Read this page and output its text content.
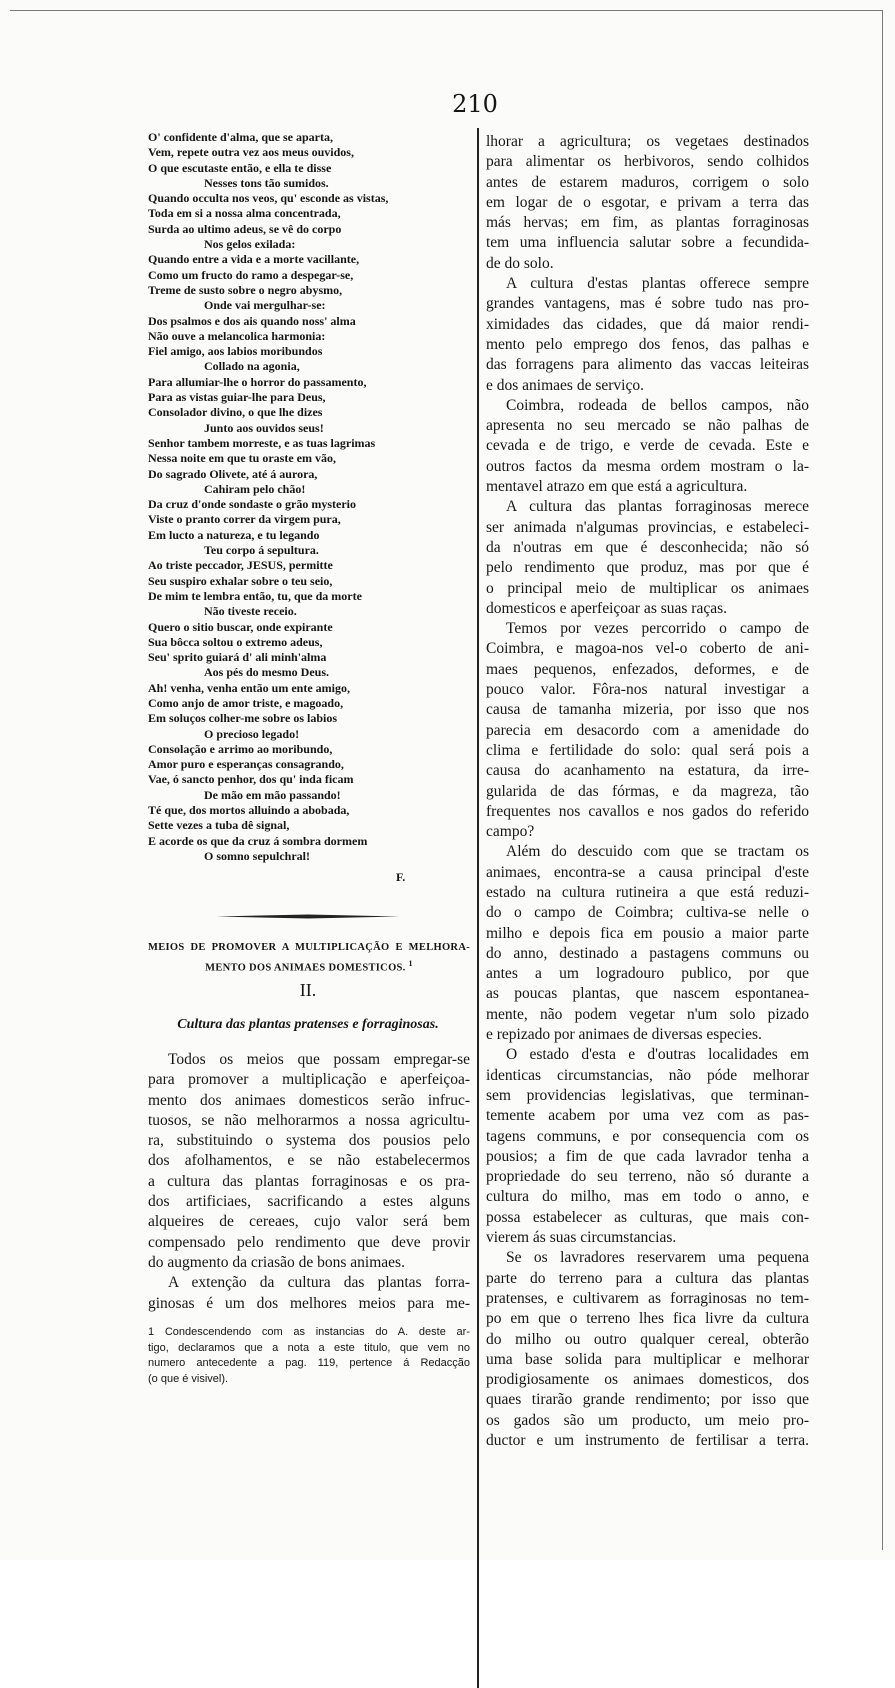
210
O' confidente d'alma, que se aparta,
Vem, repete outra vez aos meus ouvidos,
O que escutaste então, e ella te disse
Nesses tons tão sumidos.
Quando occulta nos veos, qu' esconde as vistas,
Toda em si a nossa alma concentrada,
Surda ao ultimo adeus, se vê do corpo
Nos gelos exilada:
Quando entre a vida e a morte vacillante,
Como um fructo do ramo a despegar-se,
Treme de susto sobre o negro abysmo,
Onde vai mergulhar-se:
Dos psalmos e dos ais quando noss' alma
Não ouve a melancolica harmonia:
Fiel amigo, aos labios moribundos
Collado na agonia,
Para allumiar-lhe o horror do passamento,
Para as vistas guiar-lhe para Deus,
Consolador divino, o que lhe dizes
Junto aos ouvidos seus!
Senhor tambem morreste, e as tuas lagrimas
Nessa noite em que tu oraste em vão,
Do sagrado Olivete, até á aurora,
Cahiram pelo chão!
Da cruz d'onde sondaste o grão mysterio
Viste o pranto correr da virgem pura,
Em lucto a natureza, e tu legando
Teu corpo á sepultura.
Ao triste peccador, JESUS, permitte
Seu suspiro exhalar sobre o teu seio,
De mim te lembra então, tu, que da morte
Não tiveste receio.
Quero o sitio buscar, onde expirante
Sua bôcca soltou o extremo adeus,
Seu' sprito guiará d' ali minh'alma
Aos pés do mesmo Deus.
Ah! venha, venha então um ente amigo,
Como anjo de amor triste, e magoado,
Em soluços colher-me sobre os labios
O precioso legado!
Consolação e arrimo ao moribundo,
Amor puro e esperanças consagrando,
Vae, ó sancto penhor, dos qu' inda ficam
De mão em mão passando!
Té que, dos mortos alluindo a abobada,
Sette vezes a tuba dê signal,
E acorde os que da cruz á sombra dormem
O somno sepulchral!
F.
MEIOS DE PROMOVER A MULTIPLICAÇÃO E MELHORA-
MENTO DOS ANIMAES DOMESTICOS. $^1$
II.
Cultura das plantas pratenses e forraginosas.
Todos os meios que possam empregar-se
para promover a multiplicação e aperfeiçoa-
mento dos animaes domesticos serão infruc-
tuosos, se não melhorarmos a nossa agricultu-
ra, substituindo o systema dos pousios pelo
dos afolhamentos, e se não estabelecermos
a cultura das plantas forraginosas e os pra-
dos artificiaes, sacrificando a estes alguns
alqueires de cereaes, cujo valor será bem
compensado pelo rendimento que deve provir
do augmento da criasão de bons animaes.
A extenção da cultura das plantas forra-
ginosas é um dos melhores meios para me-
1 Condescendendo com as instancias do A. deste ar-
tigo, declaramos que a nota a este titulo, que vem no
numero antecedente a pag. 119, pertence á Redacção
(o que é visivel).
lhorar a agricultura; os vegetaes destinados
para alimentar os herbivoros, sendo colhidos
antes de estarem maduros, corrigem o solo
em logar de o esgotar, e privam a terra das
más hervas; em fim, as plantas forraginosas
tem uma influencia salutar sobre a fecundida-
de do solo.
A cultura d'estas plantas offerece sempre
grandes vantagens, mas é sobre tudo nas pro-
ximidades das cidades, que dá maior rendi-
mento pelo emprego dos fenos, das palhas e
das forragens para alimento das vaccas leiteiras
e dos animaes de serviço.
Coimbra, rodeada de bellos campos, não
apresenta no seu mercado se não palhas de
cevada e de trigo, e verde de cevada. Este e
outros factos da mesma ordem mostram o la-
mentavel atrazo em que está a agricultura.
A cultura das plantas forraginosas merece
ser animada n'algumas provincias, e estabeleci-
da n'outras em que é desconhecida; não só
pelo rendimento que produz, mas por que é
o principal meio de multiplicar os animaes
domesticos e aperfeiçoar as suas raças.
Temos por vezes percorrido o campo de
Coimbra, e magoa-nos vel-o coberto de ani-
maes pequenos, enfezados, deformes, e de
pouco valor. Fôra-nos natural investigar a
causa de tamanha mizeria, por isso que nos
parecia em desacordo com a amenidade do
clima e fertilidade do solo: qual será pois a
causa do acanhamento na estatura, da irre-
gularida de das fórmas, e da magreza, tão
frequentes nos cavallos e nos gados do referido
campo?
Além do descuido com que se tractam os
animaes, encontra-se a causa principal d'este
estado na cultura rutineira a que está reduzi-
do o campo de Coimbra; cultiva-se nelle o
milho e depois fica em pousio a maior parte
do anno, destinado a pastagens communs ou
antes a um logradouro publico, por que
as poucas plantas, que nascem espontanea-
mente, não podem vegetar n'um solo pizado
e repizado por animaes de diversas especies.
O estado d'esta e d'outras localidades em
identicas circumstancias, não póde melhorar
sem providencias legislativas, que terminan-
temente acabem por uma vez com as pas-
tagens communs, e por consequencia com os
pousios; a fim de que cada lavrador tenha a
propriedade do seu terreno, não só durante a
cultura do milho, mas em todo o anno, e
possa estabelecer as culturas, que mais con-
vierem ás suas circumstancias.
Se os lavradores reservarem uma pequena
parte do terreno para a cultura das plantas
pratenses, e cultivarem as forraginosas no tem-
po em que o terreno lhes fica livre da cultura
do milho ou outro qualquer cereal, obterão
uma base solida para multiplicar e melhorar
prodigiosamente os animaes domesticos, dos
quaes tirarão grande rendimento; por isso que
os gados são um producto, um meio pro-
ductor e um instrumento de fertilisar a terra.
